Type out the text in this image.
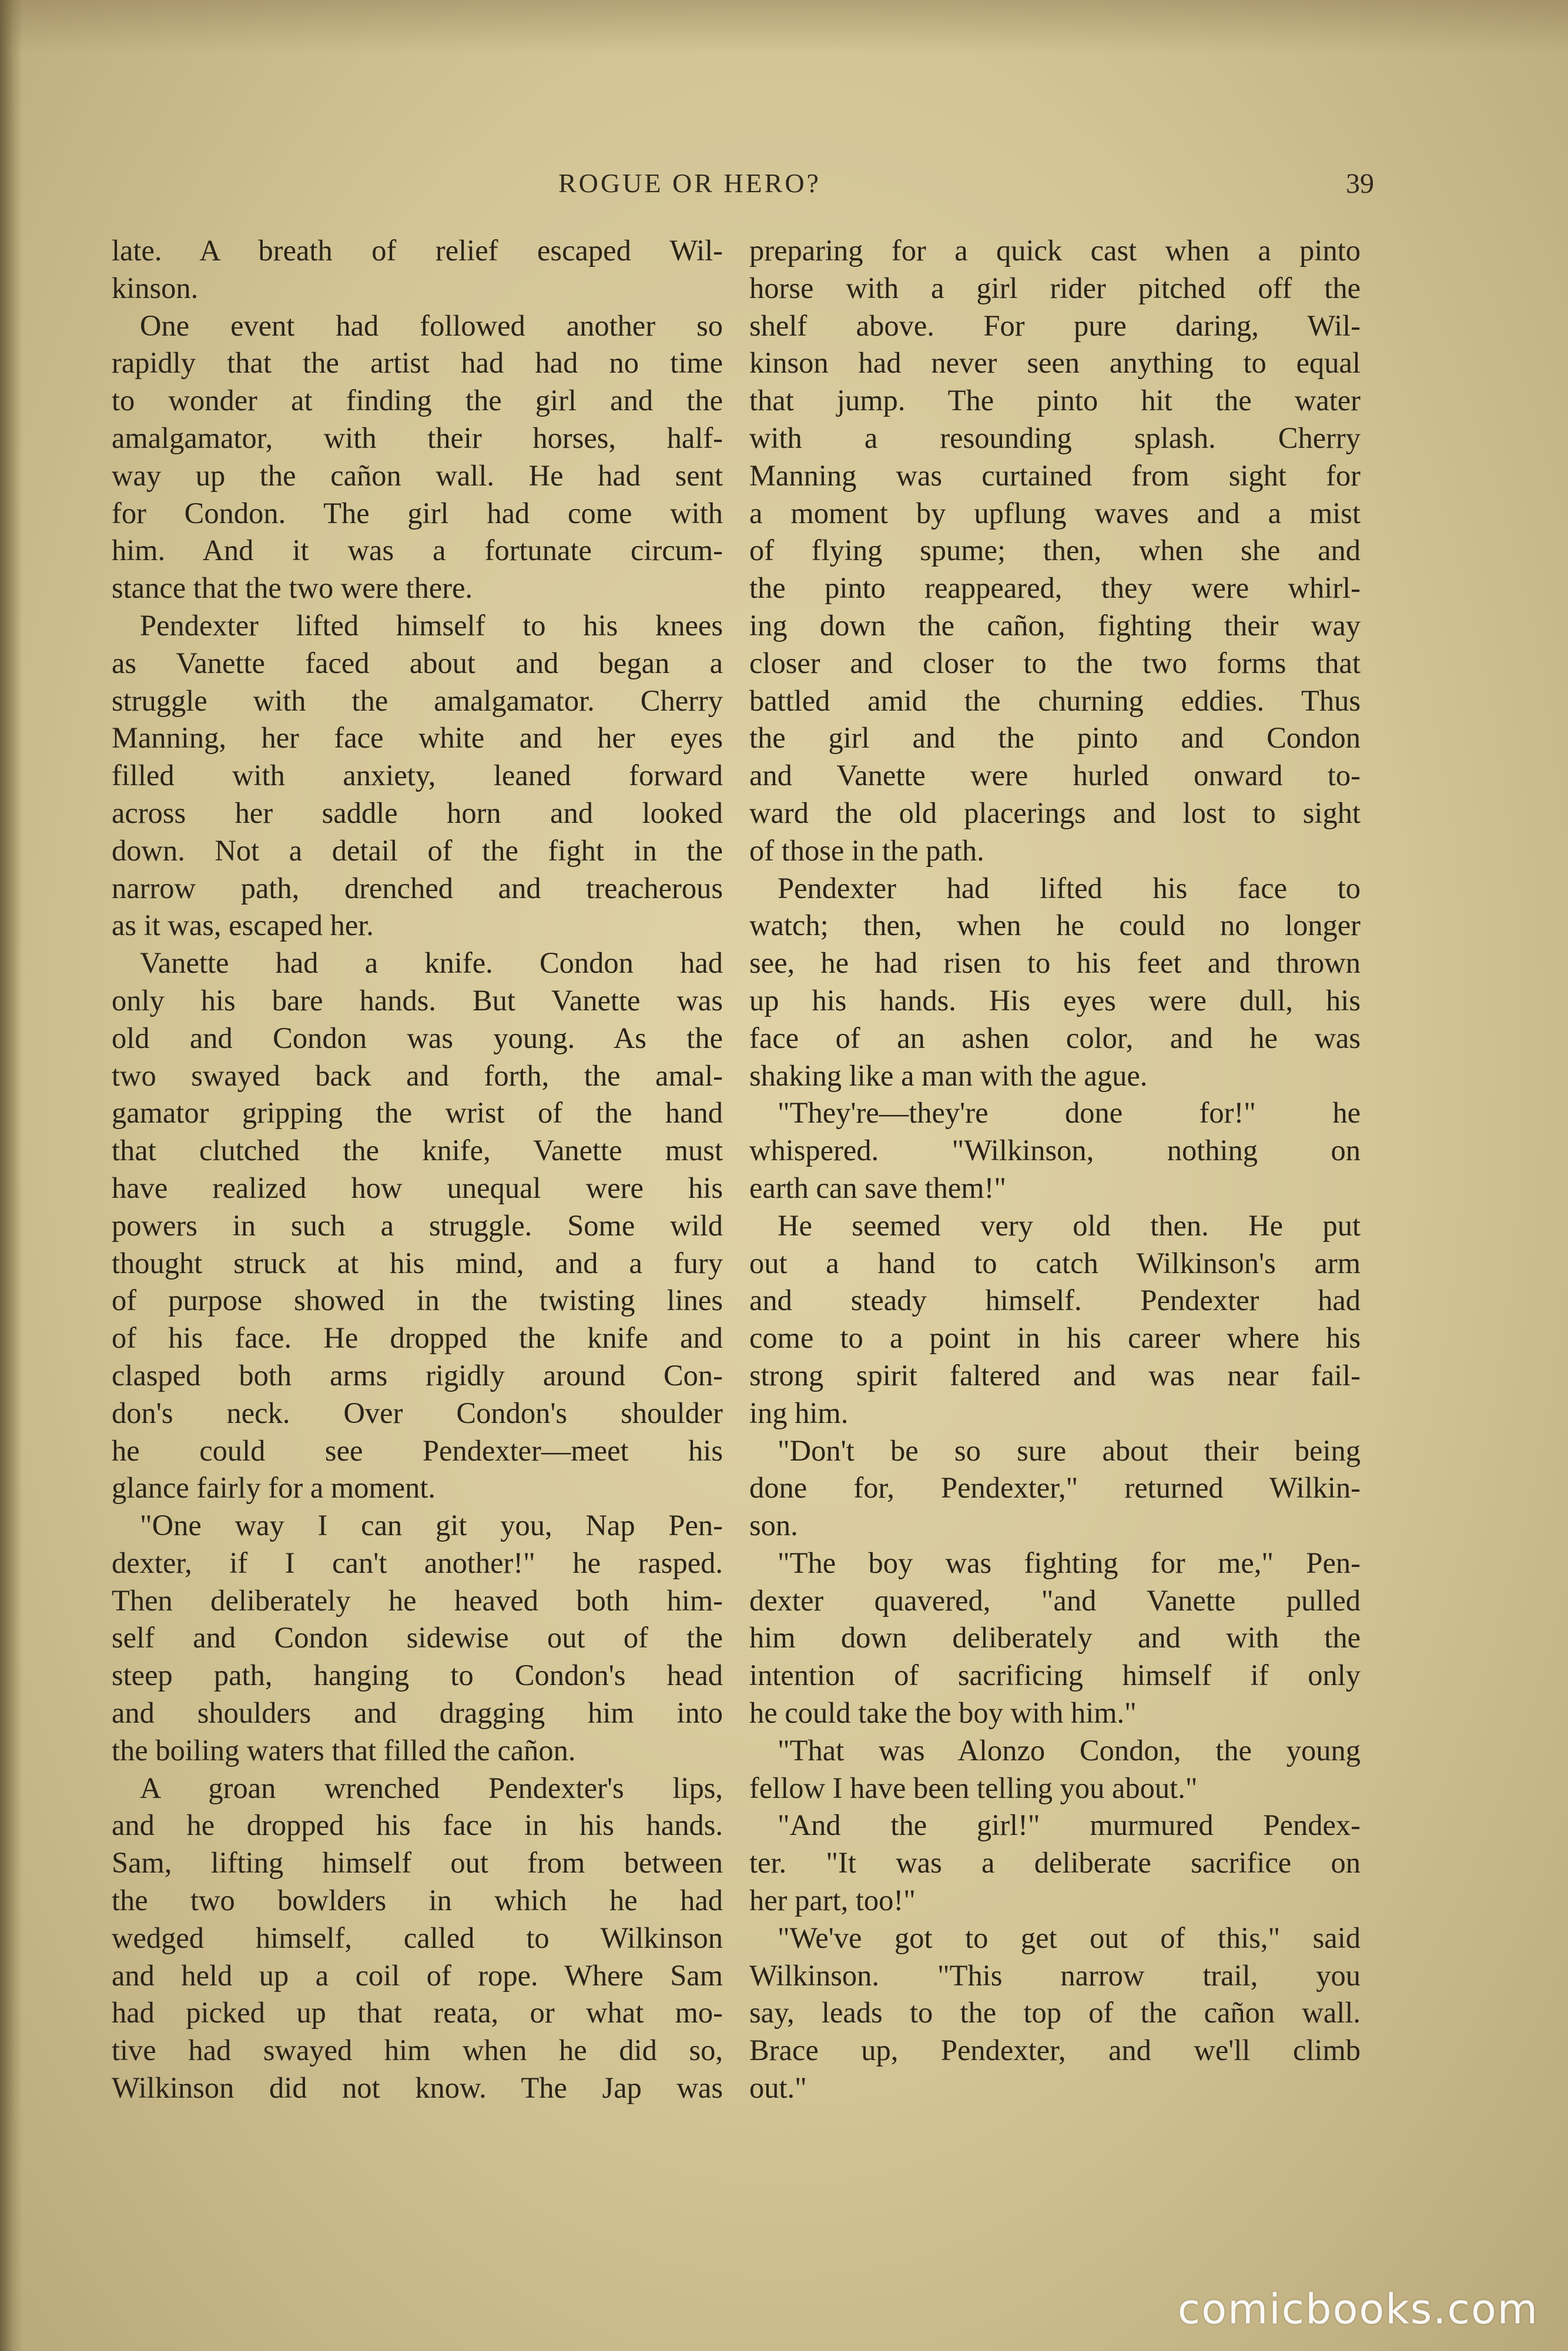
ROGUE OR HERO?	39
late. A breath of relief escaped Wil-
kinson.
One event had followed another so
rapidly that the artist had had no time
to wonder at finding the girl and the
amalgamator, with their horses, half-
way up the cañon wall. He had sent
for Condon. The girl had come with
him. And it was a fortunate circum-
stance that the two were there.
Pendexter lifted himself to his knees
as Vanette faced about and began a
struggle with the amalgamator. Cherry
Manning, her face white and her eyes
filled with anxiety, leaned forward
across her saddle horn and looked
down. Not a detail of the fight in the
narrow path, drenched and treacherous
as it was, escaped her.
Vanette had a knife. Condon had
only his bare hands. But Vanette was
old and Condon was young. As the
two swayed back and forth, the amal-
gamator gripping the wrist of the hand
that clutched the knife, Vanette must
have realized how unequal were his
powers in such a struggle. Some wild
thought struck at his mind, and a fury
of purpose showed in the twisting lines
of his face. He dropped the knife and
clasped both arms rigidly around Con-
don's neck. Over Condon's shoulder
he could see Pendexter—meet his
glance fairly for a moment.
"One way I can git you, Nap Pen-
dexter, if I can't another!" he rasped.
Then deliberately he heaved both him-
self and Condon sidewise out of the
steep path, hanging to Condon's head
and shoulders and dragging him into
the boiling waters that filled the cañon.
A groan wrenched Pendexter's lips,
and he dropped his face in his hands.
Sam, lifting himself out from between
the two bowlders in which he had
wedged himself, called to Wilkinson
and held up a coil of rope. Where Sam
had picked up that reata, or what mo-
tive had swayed him when he did so,
Wilkinson did not know. The Jap was
preparing for a quick cast when a pinto
horse with a girl rider pitched off the
shelf above. For pure daring, Wil-
kinson had never seen anything to equal
that jump. The pinto hit the water
with a resounding splash. Cherry
Manning was curtained from sight for
a moment by upflung waves and a mist
of flying spume; then, when she and
the pinto reappeared, they were whirl-
ing down the cañon, fighting their way
closer and closer to the two forms that
battled amid the churning eddies. Thus
the girl and the pinto and Condon
and Vanette were hurled onward to-
ward the old placerings and lost to sight
of those in the path.
Pendexter had lifted his face to
watch; then, when he could no longer
see, he had risen to his feet and thrown
up his hands. His eyes were dull, his
face of an ashen color, and he was
shaking like a man with the ague.
"They're—they're done for!" he
whispered. "Wilkinson, nothing on
earth can save them!"
He seemed very old then. He put
out a hand to catch Wilkinson's arm
and steady himself. Pendexter had
come to a point in his career where his
strong spirit faltered and was near fail-
ing him.
"Don't be so sure about their being
done for, Pendexter," returned Wilkin-
son.
"The boy was fighting for me," Pen-
dexter quavered, "and Vanette pulled
him down deliberately and with the
intention of sacrificing himself if only
he could take the boy with him."
"That was Alonzo Condon, the young
fellow I have been telling you about."
"And the girl!" murmured Pendex-
ter. "It was a deliberate sacrifice on
her part, too!"
"We've got to get out of this," said
Wilkinson. "This narrow trail, you
say, leads to the top of the cañon wall.
Brace up, Pendexter, and we'll climb
out."
comicbooks.com
